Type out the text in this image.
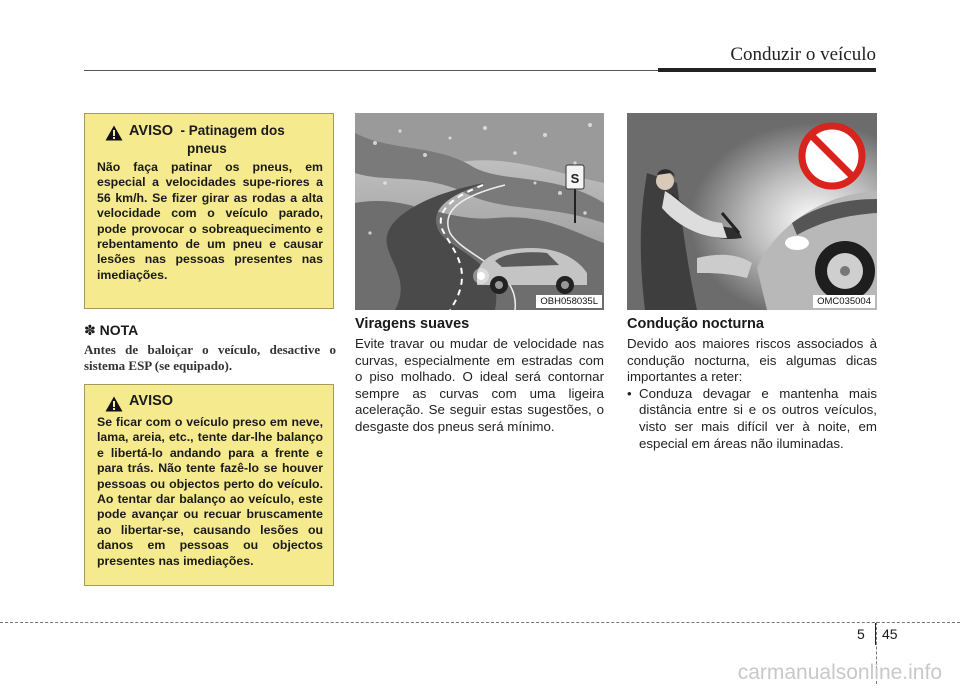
Conduzir o veículo
AVISO - Patinagem dos
pneus
Não faça patinar os pneus, em especial a velocidades supe-riores a 56 km/h. Se fizer girar as rodas a alta velocidade com o veículo parado, pode provocar o sobreaquecimento e rebentamento de um pneu e causar lesões nas pessoas presentes nas imediações.
✽ NOTA
Antes de baloiçar o veículo, desactive o sistema ESP (se equipado).
AVISO
Se ficar com o veículo preso em neve, lama, areia, etc., tente dar-lhe balanço e libertá-lo andando para a frente e para trás. Não tente fazê-lo se houver pessoas ou objectos perto do veículo. Ao tentar dar balanço ao veículo, este pode avançar ou recuar bruscamente ao libertar-se, causando lesões ou danos em pessoas ou objectos presentes nas imediações.
S
OBH058035L	OMC035004
Viragens suaves
Evite travar ou mudar de velocidade nas curvas, especialmente em estradas com o piso molhado. O ideal será contornar sempre as curvas com uma ligeira aceleração. Se seguir estas sugestões, o desgaste dos pneus será mínimo.
Condução nocturna
Devido aos maiores riscos associados à condução nocturna, eis algumas dicas importantes a reter:
• Conduza devagar e mantenha mais distância entre si e os outros veículos, visto ser mais difícil ver à noite, em especial em áreas não iluminadas.
5 45
carmanualsonline.info
